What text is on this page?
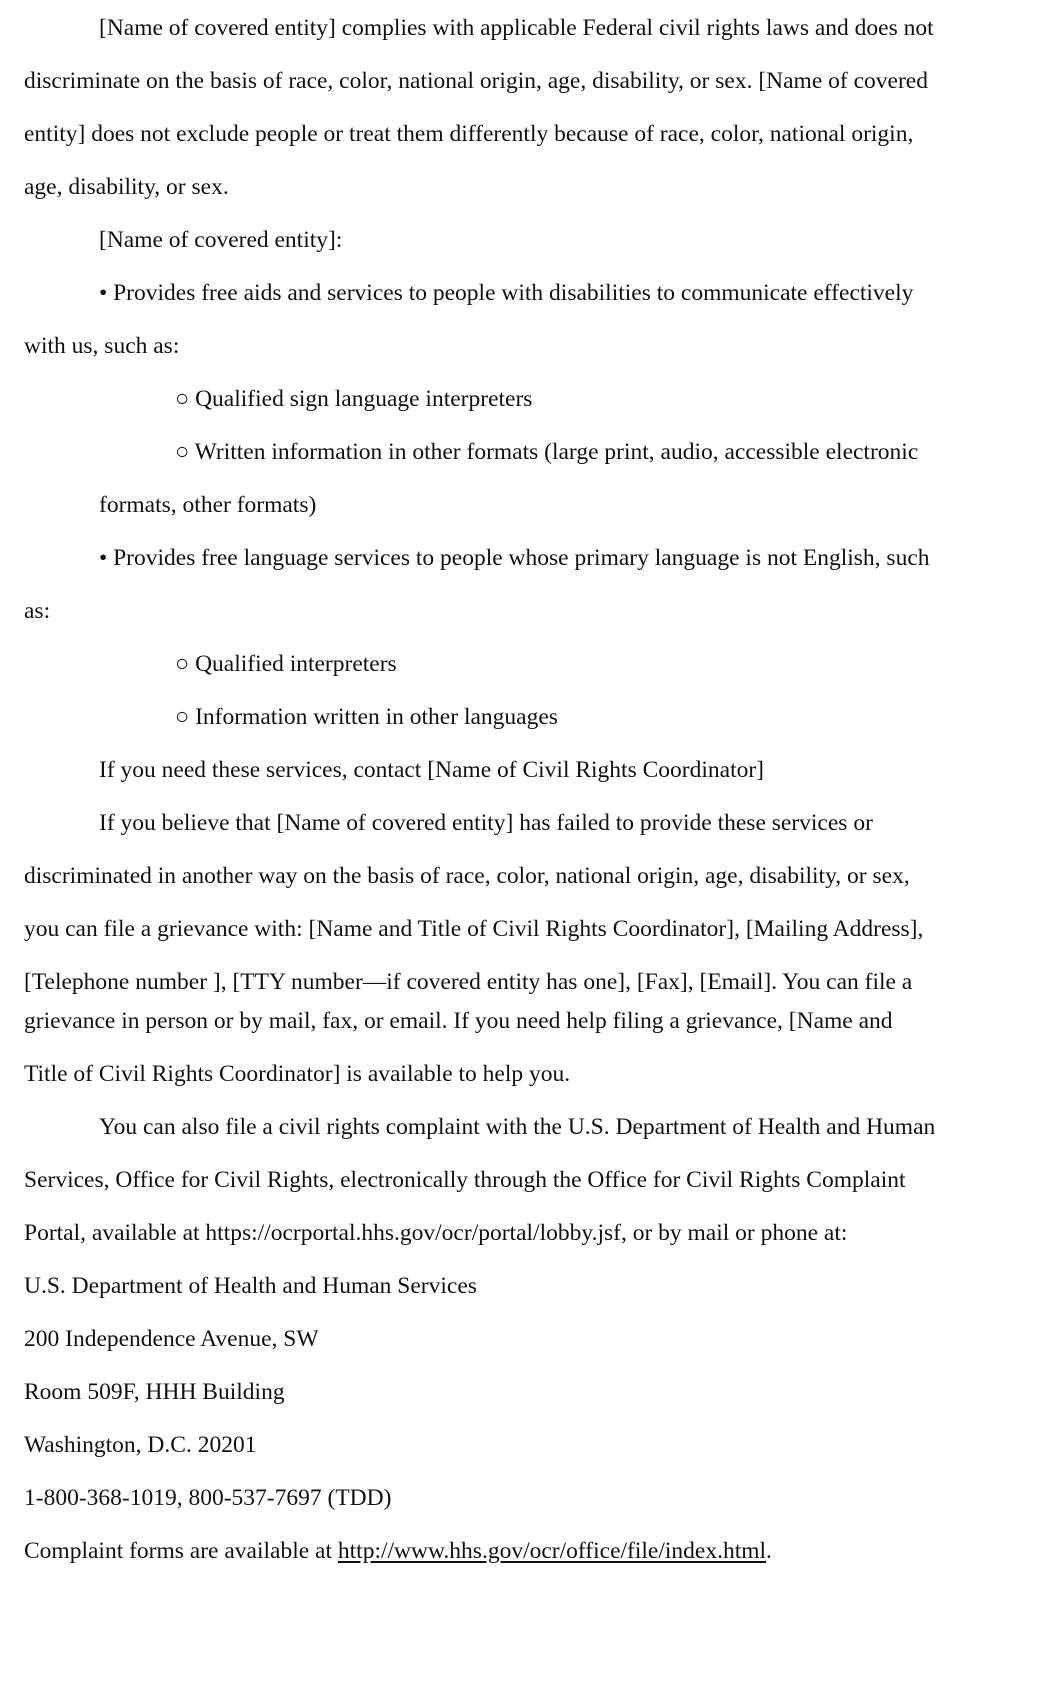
[Name of covered entity] complies with applicable Federal civil rights laws and does not
discriminate on the basis of race, color, national origin, age, disability, or sex. [Name of covered
entity] does not exclude people or treat them differently because of race, color, national origin,
age, disability, or sex.
[Name of covered entity]:
• Provides free aids and services to people with disabilities to communicate effectively
with us, such as:
○ Qualified sign language interpreters
○ Written information in other formats (large print, audio, accessible electronic
formats, other formats)
• Provides free language services to people whose primary language is not English, such
as:
○ Qualified interpreters
○ Information written in other languages
If you need these services, contact [Name of Civil Rights Coordinator]
If you believe that [Name of covered entity] has failed to provide these services or
discriminated in another way on the basis of race, color, national origin, age, disability, or sex,
you can file a grievance with: [Name and Title of Civil Rights Coordinator], [Mailing Address],
[Telephone number ], [TTY number—if covered entity has one], [Fax], [Email]. You can file a
grievance in person or by mail, fax, or email. If you need help filing a grievance, [Name and
Title of Civil Rights Coordinator] is available to help you.
You can also file a civil rights complaint with the U.S. Department of Health and Human
Services, Office for Civil Rights, electronically through the Office for Civil Rights Complaint
Portal, available at https://ocrportal.hhs.gov/ocr/portal/lobby.jsf, or by mail or phone at:
U.S. Department of Health and Human Services
200 Independence Avenue, SW
Room 509F, HHH Building
Washington, D.C. 20201
1-800-368-1019, 800-537-7697 (TDD)
Complaint forms are available at http://www.hhs.gov/ocr/office/file/index.html.
